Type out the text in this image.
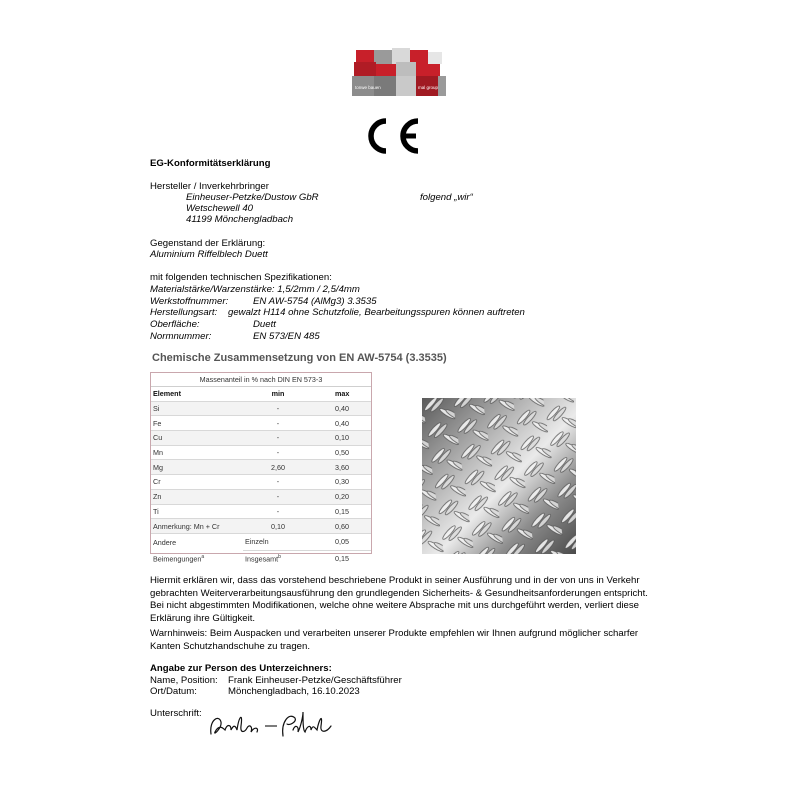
tonwe bauen	mal group
EG-Konformitätserklärung
Hersteller / Inverkehrbringer
Einheuser-Petzke/Dustow GbR	folgend „wir“
Wetschewell 40
41199 Mönchengladbach
Gegenstand der Erklärung:
Aluminium Riffelblech Duett
mit folgenden technischen Spezifikationen:
Materialstärke/Warzenstärke: 1,5/2mm / 2,5/4mm
Werkstoffnummer:	EN AW-5754 (AlMg3) 3.3535
Herstellungsart: gewalzt H114 ohne Schutzfolie, Bearbeitungsspuren können auftreten
Oberfläche:	Duett
Normnummer:	EN 573/EN 485
Chemische Zusammensetzung von EN AW-5754 (3.3535)
Massenanteil in % nach DIN EN 573-3		
Element	min	max
Si	-	0,40
Fe	-	0,40
Cu	-	0,10
Mn	-	0,50
Mg	2,60	3,60
Cr	-	0,30
Zn	-	0,20
Ti	-	0,15
Anmerkung: Mn + Cr	0,10	0,60
Andere	Einzeln	0,05
Beimengungen$^a$	Insgesamt$^b$	0,15

Hiermit erklären wir, dass das vorstehend beschriebene Produkt in seiner Ausführung und in der von uns in Verkehr

gebrachten Weiterverarbeitungsausführung den grundlegenden Sicherheits- & Gesundheitsanforderungen entspricht.

Bei nicht abgestimmten Modifikationen, welche ohne weitere Absprache mit uns durchgeführt werden, verliert diese

Erklärung ihre Gültigkeit.

Warnhinweis: Beim Auspacken und verarbeiten unserer Produkte empfehlen wir Ihnen aufgrund möglicher scharfer

Kanten Schutzhandschuhe zu tragen.

Angabe zur Person des Unterzeichners:
Name, Position: Frank Einheuser-Petzke/Geschäftsführer
Ort/Datum:	Mönchengladbach, 16.10.2023
Unterschrift:
